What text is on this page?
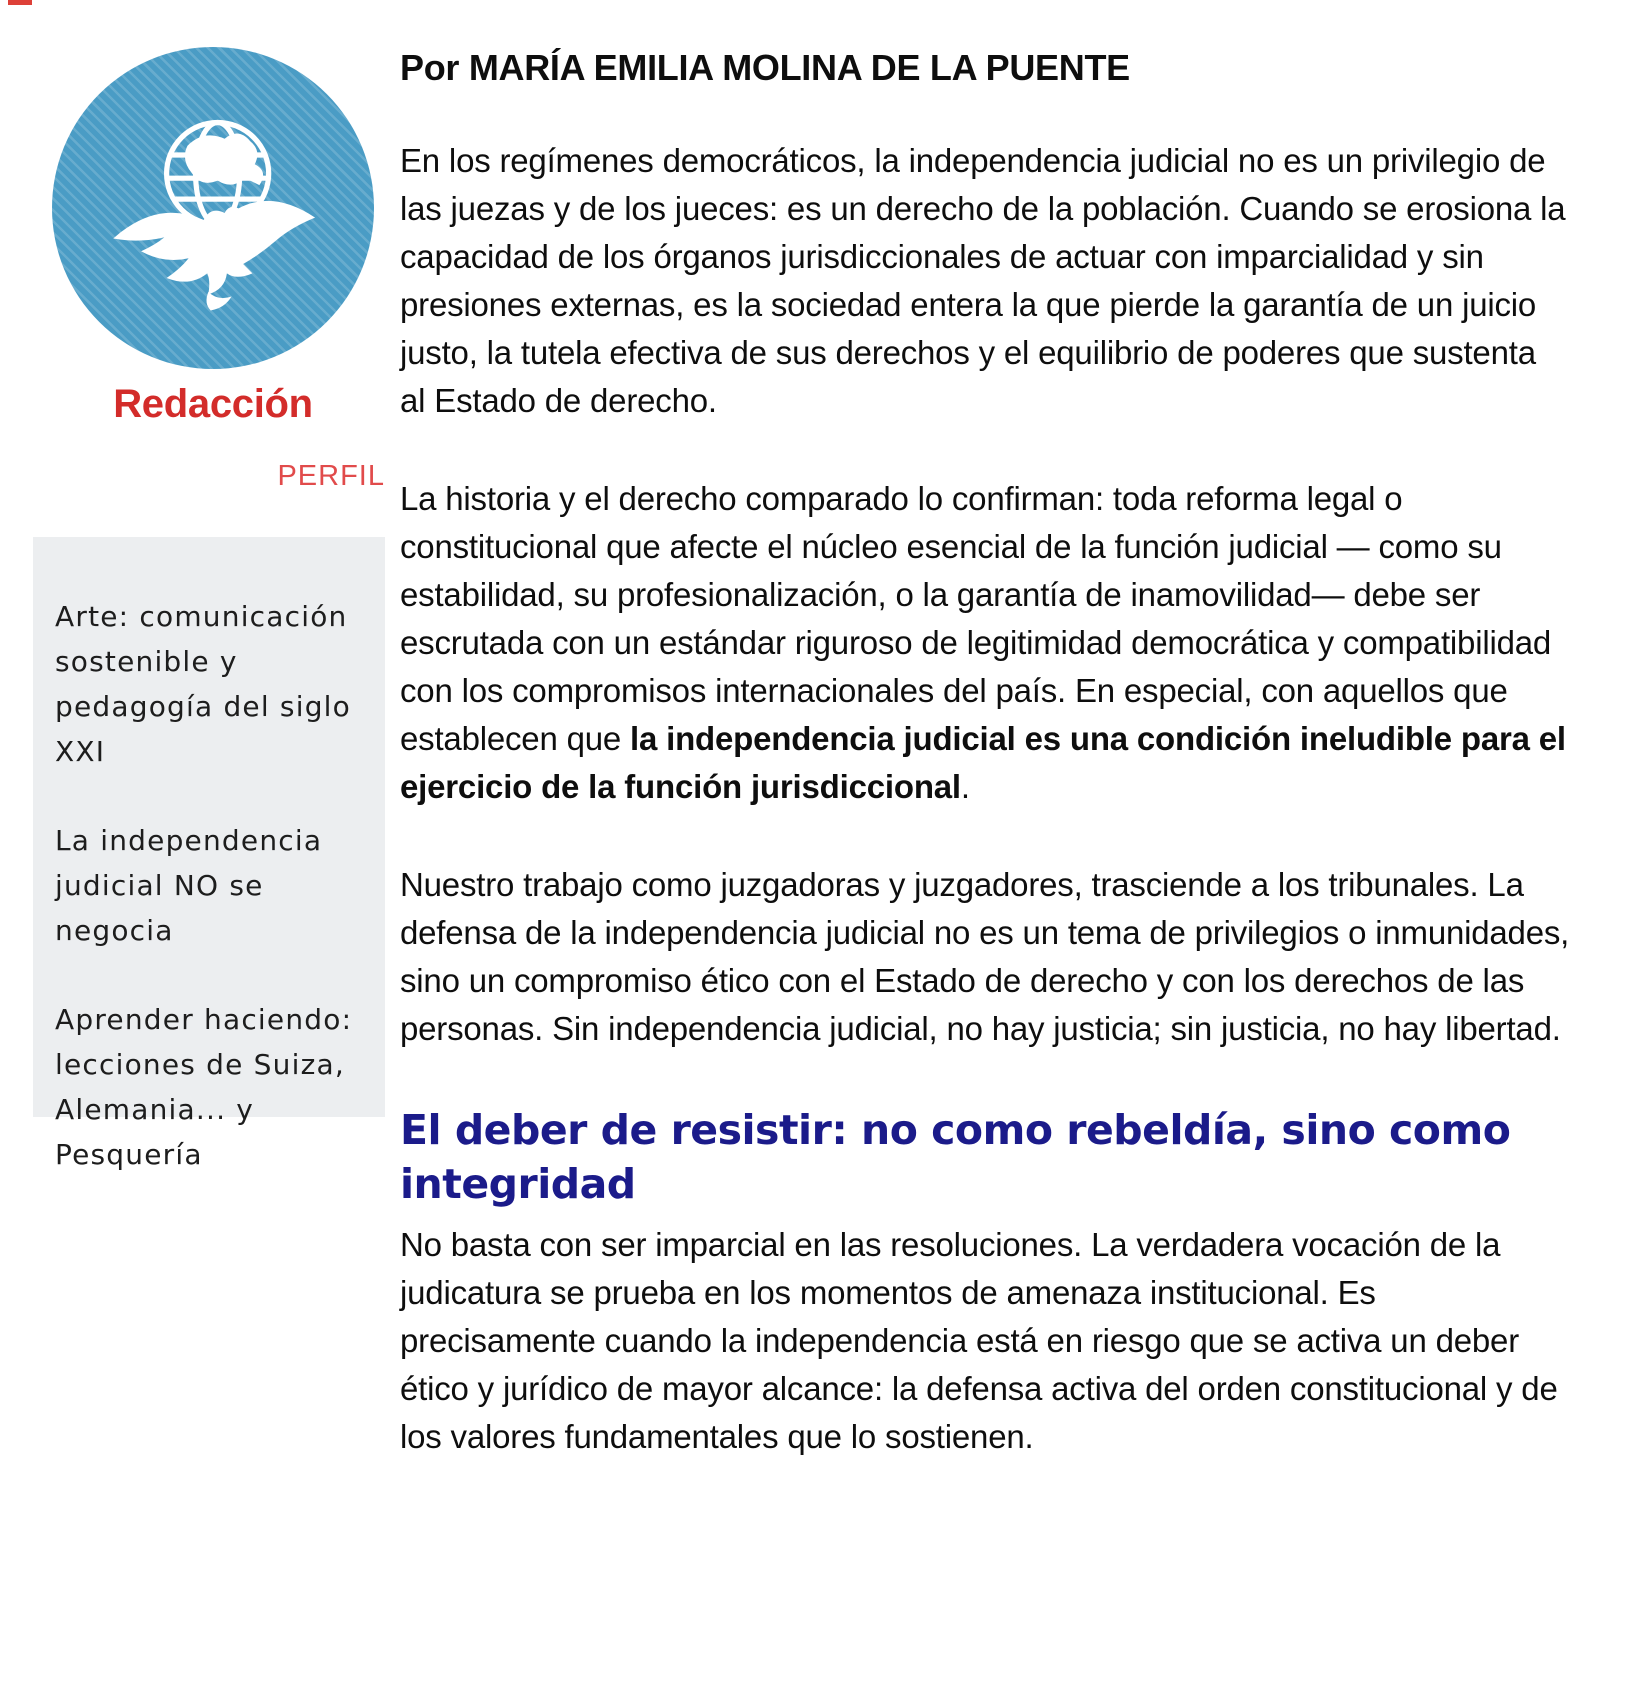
Redacción
PERFIL
Arte: comunicación sostenible y pedagogía del siglo XXI
La independencia judicial NO se negocia
Aprender haciendo: lecciones de Suiza, Alemania... y Pesquería
Por MARÍA EMILIA MOLINA DE LA PUENTE

En los regímenes democráticos, la independencia judicial no es un privilegio de las juezas y de los jueces: es un derecho de la población. Cuando se erosiona la capacidad de los órganos jurisdiccionales de actuar con imparcialidad y sin presiones externas, es la sociedad entera la que pierde la garantía de un juicio justo, la tutela efectiva de sus derechos y el equilibrio de poderes que sustenta al Estado de derecho.

La historia y el derecho comparado lo confirman: toda reforma legal o constitucional que afecte el núcleo esencial de la función judicial — como su estabilidad, su profesionalización, o la garantía de inamovilidad— debe ser escrutada con un estándar riguroso de legitimidad democrática y compatibilidad con los compromisos internacionales del país. En especial, con aquellos que establecen que la independencia judicial es una condición ineludible para el ejercicio de la función jurisdiccional.

Nuestro trabajo como juzgadoras y juzgadores, trasciende a los tribunales. La defensa de la independencia judicial no es un tema de privilegios o inmunidades, sino un compromiso ético con el Estado de derecho y con los derechos de las personas. Sin independencia judicial, no hay justicia; sin justicia, no hay libertad.

El deber de resistir: no como rebeldía, sino como integridad

No basta con ser imparcial en las resoluciones. La verdadera vocación de la judicatura se prueba en los momentos de amenaza institucional. Es precisamente cuando la independencia está en riesgo que se activa un deber ético y jurídico de mayor alcance: la defensa activa del orden constitucional y de los valores fundamentales que lo sostienen.
